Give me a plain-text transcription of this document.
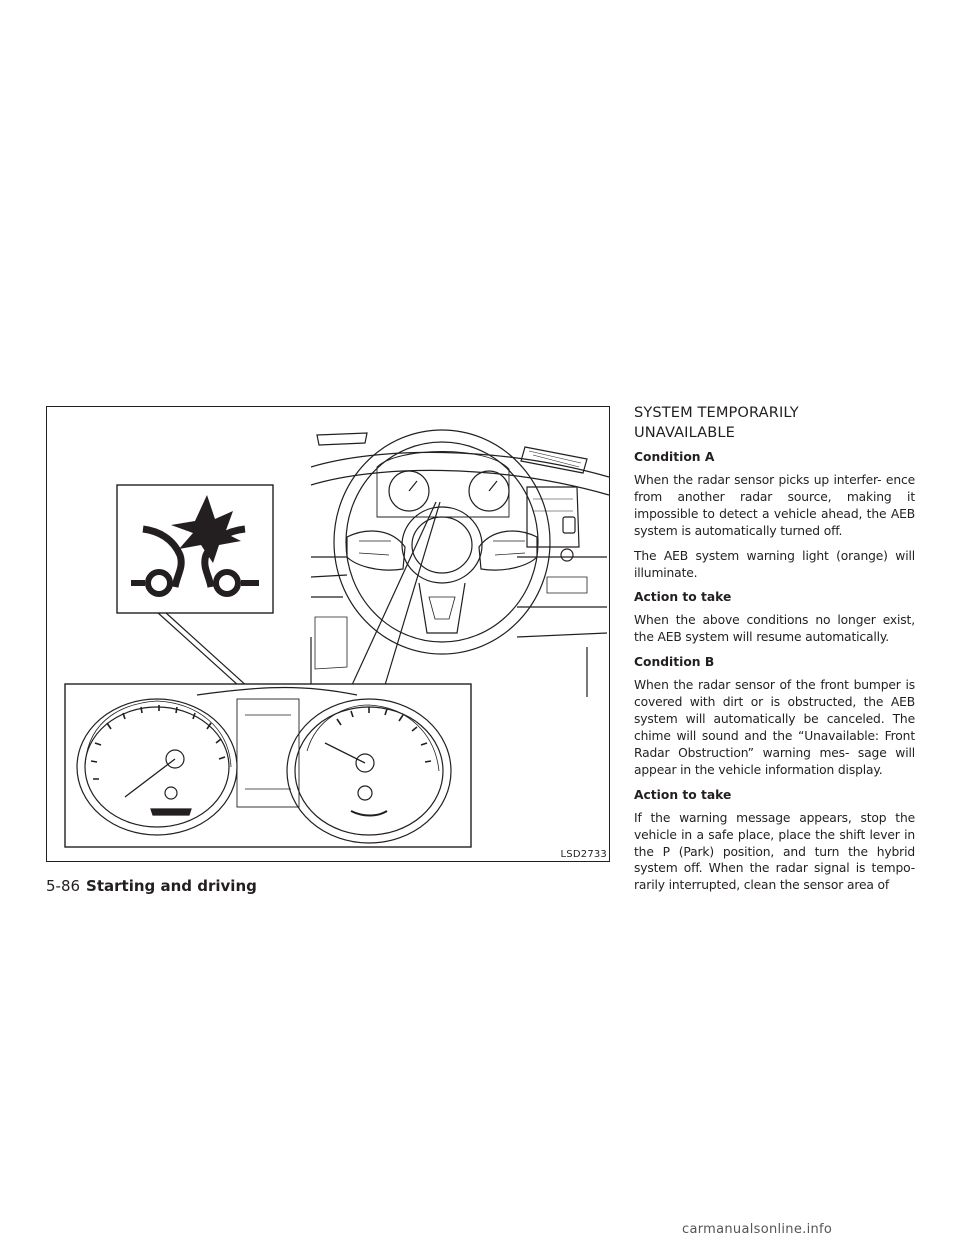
LSD2733
SYSTEM TEMPORARILY
UNAVAILABLE
Condition A

When the radar sensor picks up interfer- ence from another radar source, making it impossible to detect a vehicle ahead, the AEB system is automatically turned off.

The AEB system warning light (orange) will illuminate.

Action to take

When the above conditions no longer exist, the AEB system will resume automatically.

Condition B

When the radar sensor of the front bumper is covered with dirt or is obstructed, the AEB system will automatically be canceled. The chime will sound and the “Unavailable: Front Radar Obstruction” warning mes- sage will appear in the vehicle information display.

Action to take

If the warning message appears, stop the vehicle in a safe place, place the shift lever in the P (Park) position, and turn the hybrid system off. When the radar signal is tempo- rarily interrupted, clean the sensor area of

5-86 Starting and driving
carmanualsonline.info
